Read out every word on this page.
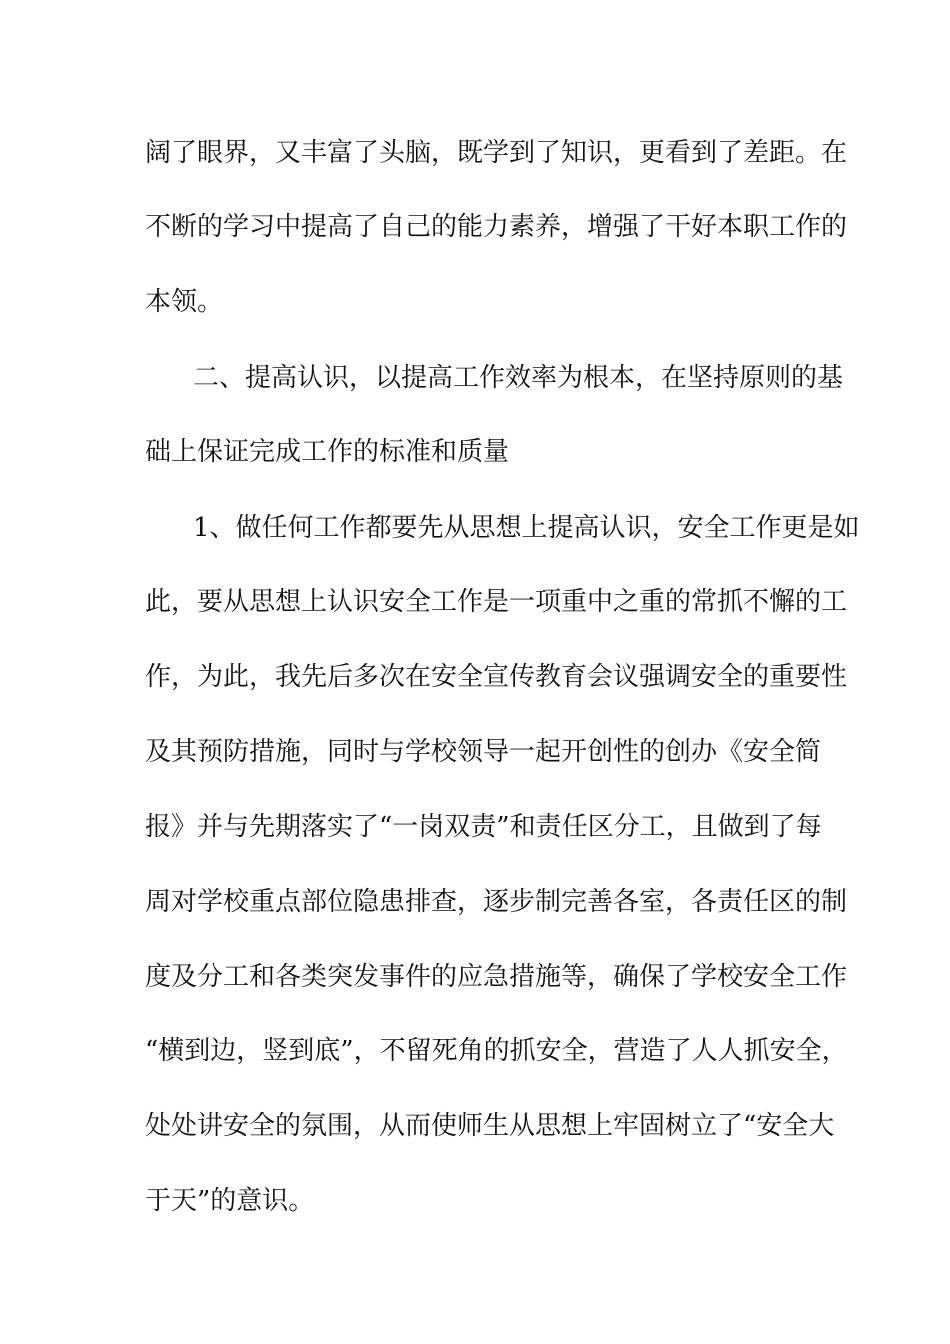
阔了眼界，又丰富了头脑，既学到了知识，更看到了差距。在
不断的学习中提高了自己的能力素养，增强了干好本职工作的
本领。
二、提高认识，以提高工作效率为根本，在坚持原则的基
础上保证完成工作的标准和质量
1、做任何工作都要先从思想上提高认识，安全工作更是如
此，要从思想上认识安全工作是一项重中之重的常抓不懈的工
作，为此，我先后多次在安全宣传教育会议强调安全的重要性
及其预防措施，同时与学校领导一起开创性的创办《安全简
报》并与先期落实了“一岗双责”和责任区分工，且做到了每
周对学校重点部位隐患排查，逐步制完善各室，各责任区的制
度及分工和各类突发事件的应急措施等，确保了学校安全工作
“横到边，竖到底”，不留死角的抓安全，营造了人人抓安全，
处处讲安全的氛围，从而使师生从思想上牢固树立了“安全大
于天”的意识。
